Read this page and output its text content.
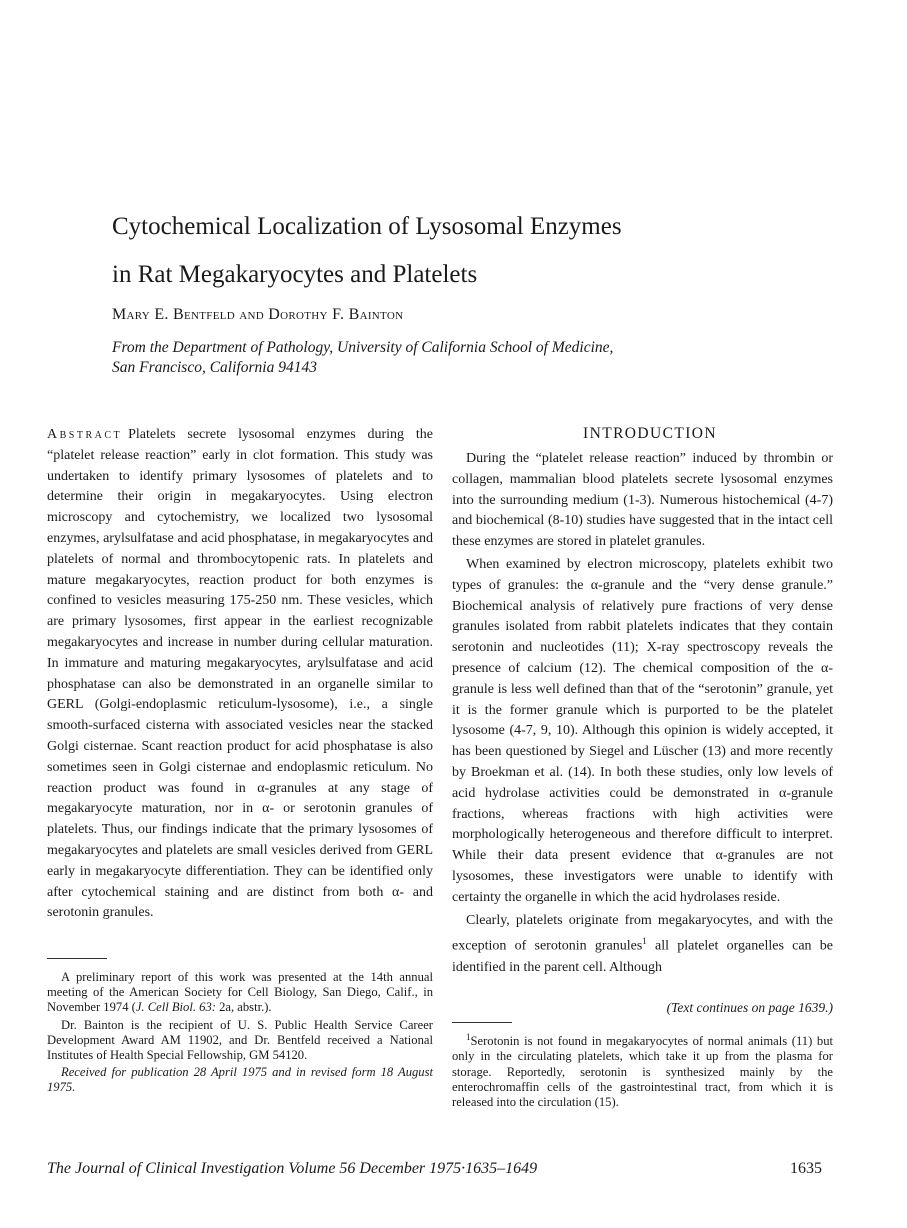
Cytochemical Localization of Lysosomal Enzymes
in Rat Megakaryocytes and Platelets
Mary E. Bentfeld and Dorothy F. Bainton
From the Department of Pathology, University of California School of Medicine,
San Francisco, California 94143

Abstract Platelets secrete lysosomal enzymes during the “platelet release reaction” early in clot formation. This study was undertaken to identify primary lysosomes of platelets and to determine their origin in megakaryocytes. Using electron microscopy and cytochemistry, we localized two lysosomal enzymes, arylsulfatase and acid phosphatase, in megakaryocytes and platelets of normal and thrombocytopenic rats. In platelets and mature megakaryocytes, reaction product for both enzymes is confined to vesicles measuring 175-250 nm. These vesicles, which are primary lysosomes, first appear in the earliest recognizable megakaryocytes and increase in number during cellular maturation. In immature and maturing megakaryocytes, arylsulfatase and acid phosphatase can also be demonstrated in an organelle similar to GERL (Golgi-endoplasmic reticulum-lysosome), i.e., a single smooth-surfaced cisterna with associated vesicles near the stacked Golgi cisternae. Scant reaction product for acid phosphatase is also sometimes seen in Golgi cisternae and endoplasmic reticulum. No reaction product was found in α-granules at any stage of megakaryocyte maturation, nor in α- or serotonin granules of platelets. Thus, our findings indicate that the primary lysosomes of megakaryocytes and platelets are small vesicles derived from GERL early in megakaryocyte differentiation. They can be identified only after cytochemical staining and are distinct from both α- and serotonin granules.

A preliminary report of this work was presented at the 14th annual meeting of the American Society for Cell Biology, San Diego, Calif., in November 1974 (J. Cell Biol. 63: 2a, abstr.).

Dr. Bainton is the recipient of U. S. Public Health Service Career Development Award AM 11902, and Dr. Bentfeld received a National Institutes of Health Special Fellowship, GM 54120.

Received for publication 28 April 1975 and in revised form 18 August 1975.

INTRODUCTION

During the “platelet release reaction” induced by thrombin or collagen, mammalian blood platelets secrete lysosomal enzymes into the surrounding medium (1-3). Numerous histochemical (4-7) and biochemical (8-10) studies have suggested that in the intact cell these enzymes are stored in platelet granules.

When examined by electron microscopy, platelets exhibit two types of granules: the α-granule and the “very dense granule.” Biochemical analysis of relatively pure fractions of very dense granules isolated from rabbit platelets indicates that they contain serotonin and nucleotides (11); X-ray spectroscopy reveals the presence of calcium (12). The chemical composition of the α-granule is less well defined than that of the “serotonin” granule, yet it is the former granule which is purported to be the platelet lysosome (4-7, 9, 10). Although this opinion is widely accepted, it has been questioned by Siegel and Lüscher (13) and more recently by Broekman et al. (14). In both these studies, only low levels of acid hydrolase activities could be demonstrated in α-granule fractions, whereas fractions with high activities were morphologically heterogeneous and therefore difficult to interpret. While their data present evidence that α-granules are not lysosomes, these investigators were unable to identify with certainty the organelle in which the acid hydrolases reside.

Clearly, platelets originate from megakaryocytes, and with the exception of serotonin granules$^1$ all platelet organelles can be identified in the parent cell. Although

(Text continues on page 1639.)
$^1$Serotonin is not found in megakaryocytes of normal animals (11) but only in the circulating platelets, which take it up from the plasma for storage. Reportedly, serotonin is synthesized mainly by the enterochromaffin cells of the gastrointestinal tract, from which it is released into the circulation (15).
The Journal of Clinical Investigation Volume 56 December 1975·1635–1649	1635
